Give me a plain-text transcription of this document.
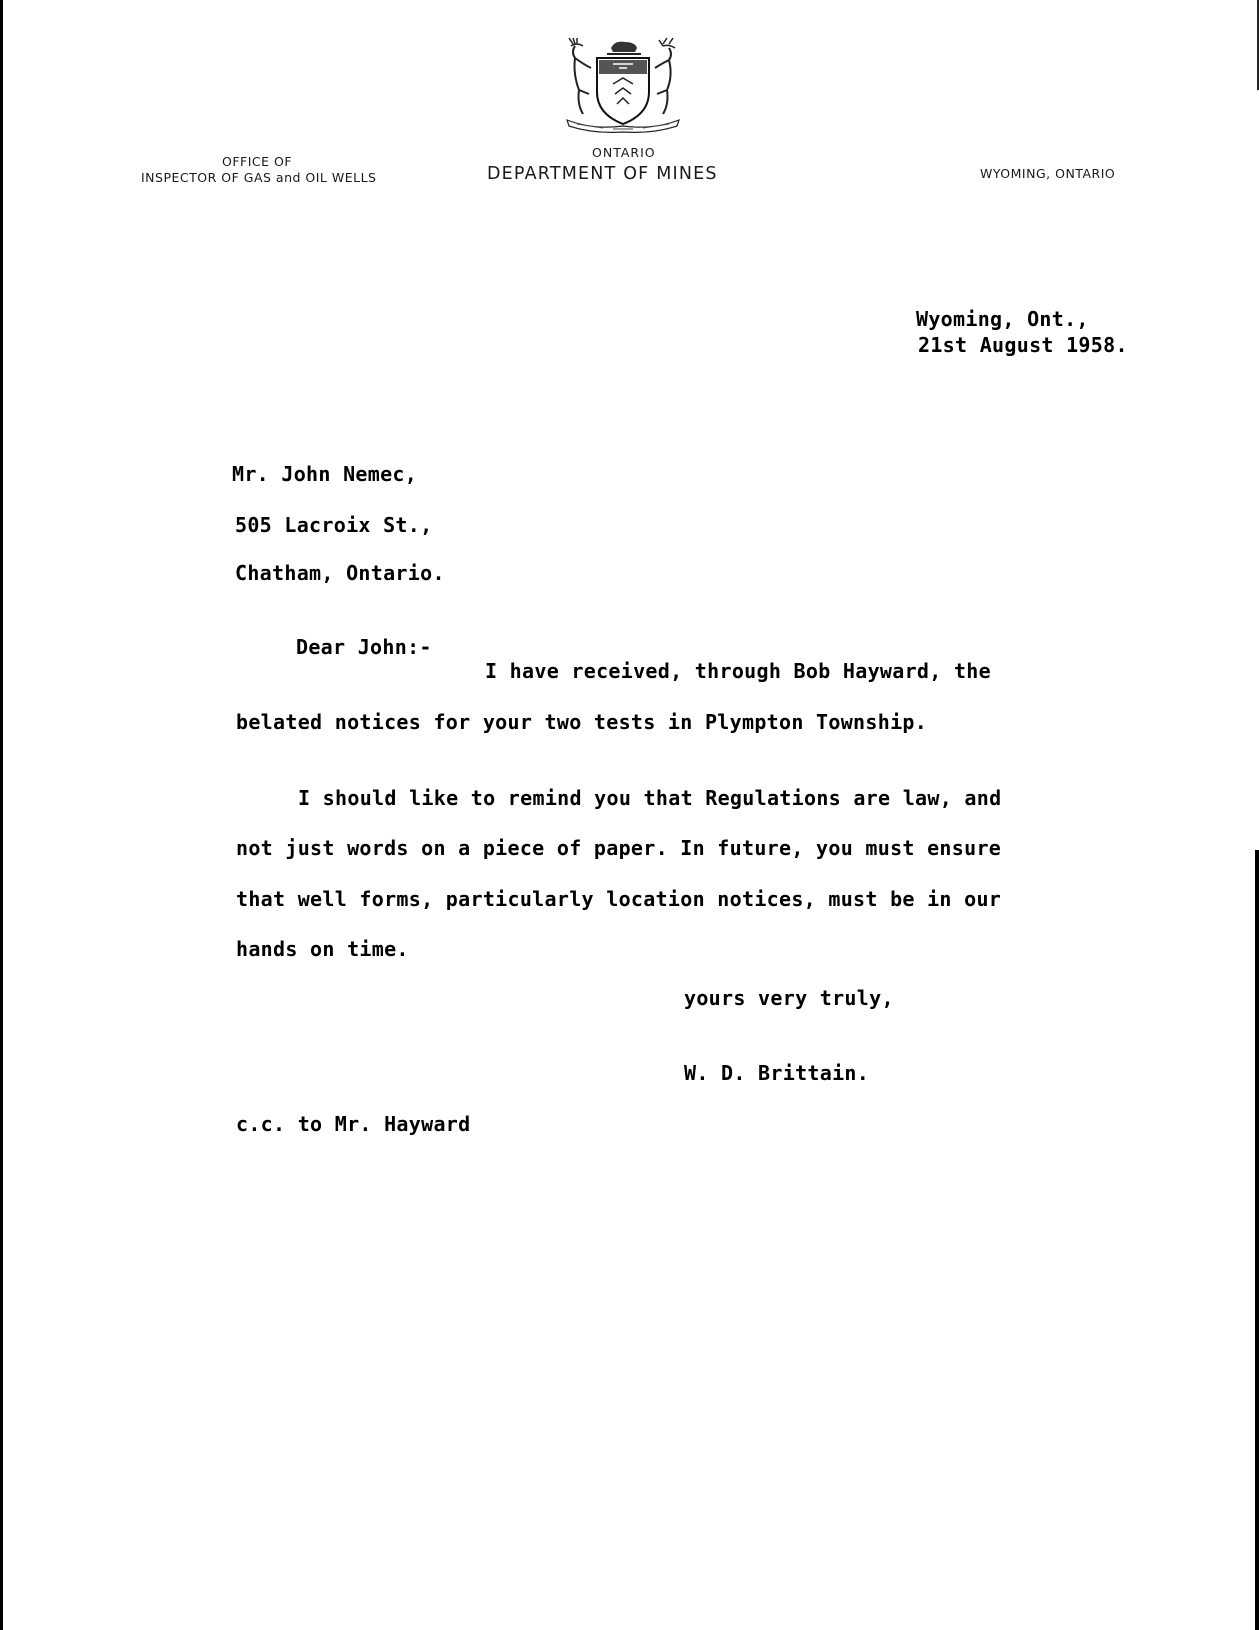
OFFICE OF
INSPECTOR OF GAS and OIL WELLS
ONTARIO
DEPARTMENT OF MINES	WYOMING, ONTARIO
Wyoming, Ont.,
21st August 1958.
Mr. John Nemec,
505 Lacroix St.,
Chatham, Ontario.
Dear John:-
I have received, through Bob Hayward, the
belated notices for your two tests in Plympton Township.
I should like to remind you that Regulations are law, and
not just words on a piece of paper. In future, you must ensure
that well forms, particularly location notices, must be in our
hands on time.
yours very truly,
W. D. Brittain.
c.c. to Mr. Hayward
